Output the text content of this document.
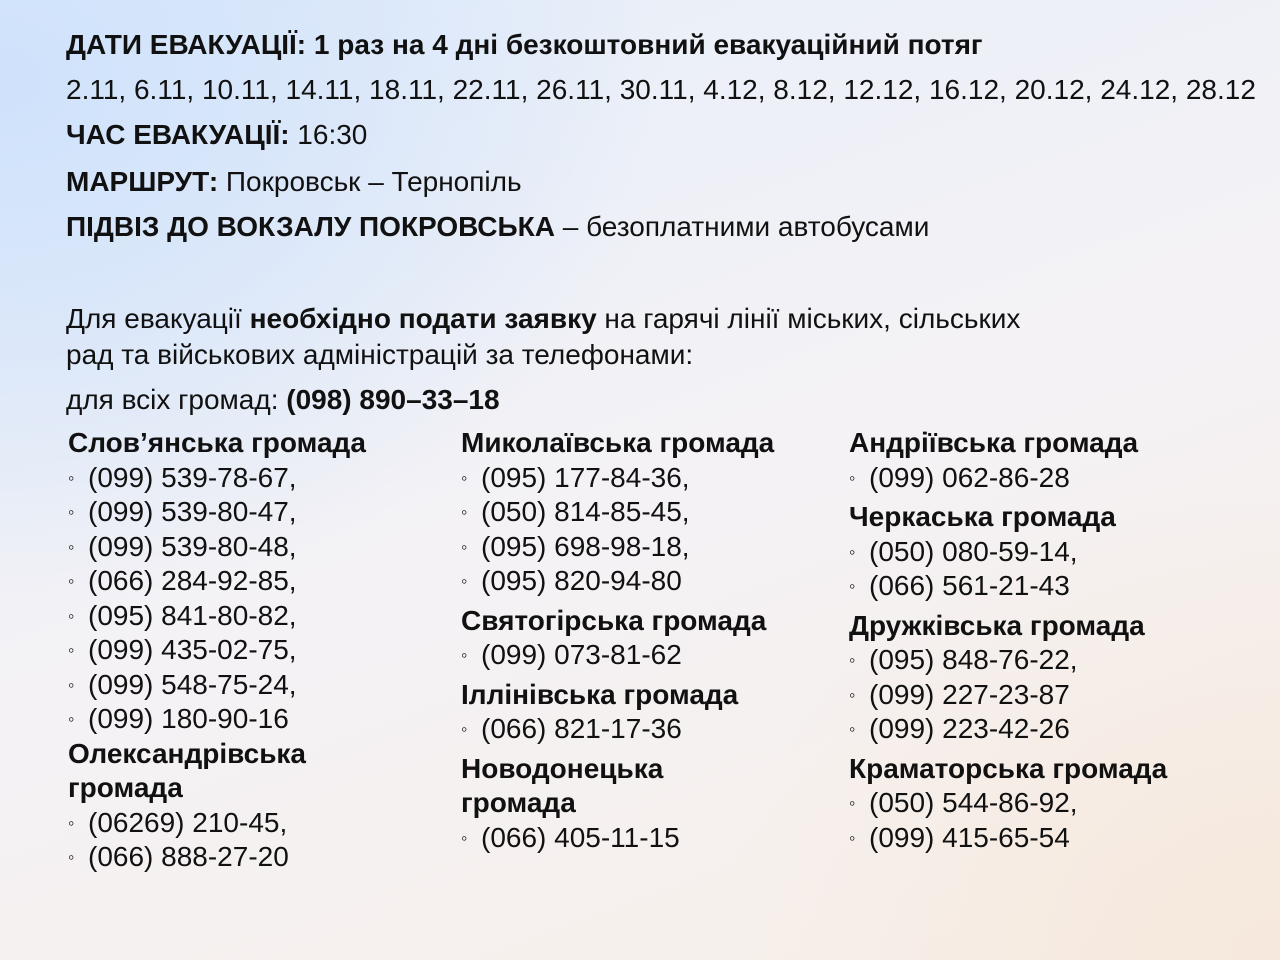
ДАТИ ЕВАКУАЦІЇ: 1 раз на 4 дні безкоштовний евакуаційний потяг
2.11, 6.11, 10.11, 14.11, 18.11, 22.11, 26.11, 30.11, 4.12, 8.12, 12.12, 16.12, 20.12, 24.12, 28.12
ЧАС ЕВАКУАЦІЇ: 16:30
МАРШРУТ: Покровськ – Тернопіль
ПІДВІЗ ДО ВОКЗАЛУ ПОКРОВСЬКА – безоплатними автобусами
Для евакуації необхідно подати заявку на гарячі лінії міських, сільських
рад та військових адміністрацій за телефонами:
для всіх громад: (098) 890–33–18
Слов’янська громада
◦ (099) 539-78-67,
◦ (099) 539-80-47,
◦ (099) 539-80-48,
◦ (066) 284-92-85,
◦ (095) 841-80-82,
◦ (099) 435-02-75,
◦ (099) 548-75-24,
◦ (099) 180-90-16
Олександрівська
громада
◦ (06269) 210-45,
◦ (066) 888-27-20
Миколаївська громада
◦ (095) 177-84-36,
◦ (050) 814-85-45,
◦ (095) 698-98-18,
◦ (095) 820-94-80
Святогірська громада
◦ (099) 073-81-62
Іллінівська громада
◦ (066) 821-17-36
Новодонецька
громада
◦ (066) 405-11-15
Андріївська громада
◦ (099) 062-86-28
Черкаська громада
◦ (050) 080-59-14,
◦ (066) 561-21-43
Дружківська громада
◦ (095) 848-76-22,
◦ (099) 227-23-87
◦ (099) 223-42-26
Краматорська громада
◦ (050) 544-86-92,
◦ (099) 415-65-54
